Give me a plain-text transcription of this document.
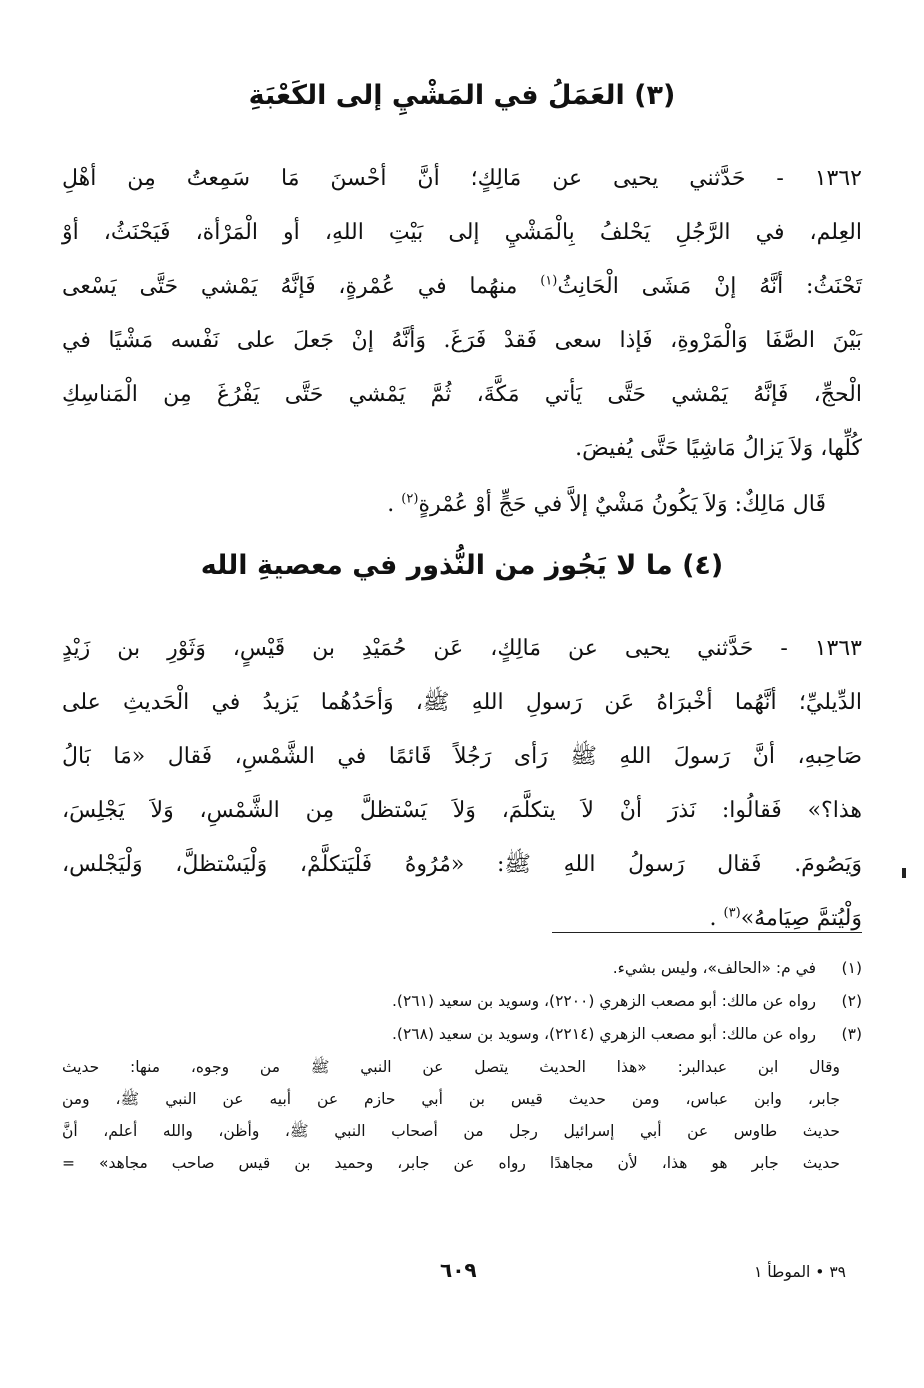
(٣) العَمَلُ في المَشْيِ إلى الكَعْبَةِ
١٣٦٢ - حَدَّثني يحيى عن مَالِكٍ؛ أنَّ أحْسنَ مَا سَمِعتُ مِن أهْلِ
العِلم، في الرَّجُلِ يَحْلفُ بِالْمَشْيِ إلى بَيْتِ اللهِ، أو الْمَرْأة، فَيَحْنَثُ، أوْ
تَحْنَثُ: أنَّهُ إنْ مَشَى الْحَانِثُ$^{(١)}$ منهُما في عُمْرةٍ، فَإنَّهُ يَمْشي حَتَّى يَسْعى
بَيْنَ الصَّفَا وَالْمَرْوةِ، فَإذا سعى فَقدْ فَرَغَ. وَأنَّهُ إنْ جَعلَ على نَفْسه مَشْيًا في
الْحجِّ، فَإنَّهُ يَمْشي حَتَّى يَأتي مَكَّةَ، ثُمَّ يَمْشي حَتَّى يَفْرُغَ مِن الْمَناسِكِ
كُلِّها، وَلاَ يَزالُ مَاشِيًا حَتَّى يُفيضَ.
قَال مَالِكٌ: وَلاَ يَكُونُ مَشْيٌ إلاَّ في حَجٍّ أوْ عُمْرةٍ$^{(٢)}$ .
(٤) ما لا يَجُوز من النُّذور في معصيةِ الله
١٣٦٣ - حَدَّثني يحيى عن مَالِكٍ، عَن حُمَيْدِ بن قَيْسٍ، وَثَوْرِ بن زَيْدٍ
الدِّيليِّ؛ أنَّهُما أخْبرَاهُ عَن رَسولِ اللهِ ﷺ، وَأحَدُهُما يَزيدُ في الْحَديثِ على
صَاحِبهِ، أنَّ رَسولَ اللهِ ﷺ رَأى رَجُلاً قَائمًا في الشَّمْسِ، فَقال «مَا بَالُ
هذا؟» فَقالُوا: نَذرَ أنْ لاَ يتكلَّمَ، وَلاَ يَسْتظلَّ مِن الشَّمْسِ، وَلاَ يَجْلِسَ،
وَيَصُومَ. فَقال رَسولُ اللهِ ﷺ: «مُرُوهُ فَلْيَتكلَّمْ، وَلْيَسْتظلَّ، وَلْيَجْلس،
وَلْيُتمَّ صِيَامهُ»$^{(٣)}$ .
(١)في م: «الحالف»، وليس بشيء.
(٢)رواه عن مالك: أبو مصعب الزهري (٢٢٠٠)، وسويد بن سعيد (٢٦١).
(٣)رواه عن مالك: أبو مصعب الزهري (٢٢١٤)، وسويد بن سعيد (٢٦٨).
وقال ابن عبدالبر: «هذا الحديث يتصل عن النبي ﷺ من وجوه، منها: حديث
جابر، وابن عباس، ومن حديث قيس بن أبي حازم عن أبيه عن النبي ﷺ، ومن
حديث طاوس عن أبي إسرائيل رجل من أصحاب النبي ﷺ، وأظن، والله أعلم، أنَّ
حديث جابر هو هذا، لأن مجاهدًا رواه عن جابر، وحميد بن قيس صاحب مجاهد» =
٣٩ • الموطأ ١
٦٠٩
